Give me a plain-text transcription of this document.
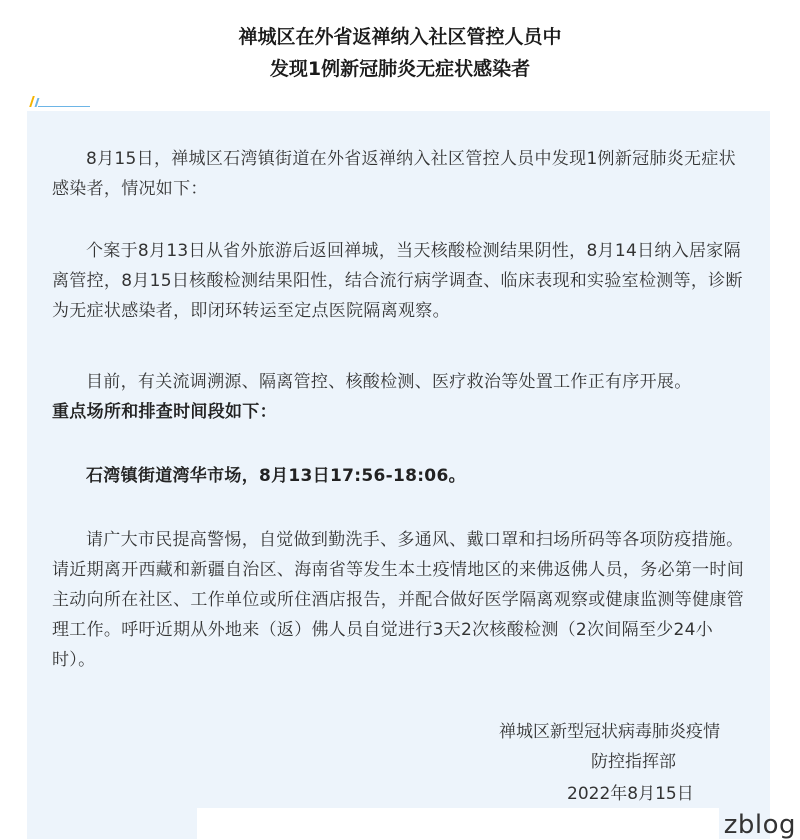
禅城区在外省返禅纳入社区管控人员中
发现1例新冠肺炎无症状感染者

8月15日，禅城区石湾镇街道在外省返禅纳入社区管控人员中发现1例新冠肺炎无症状感染者，情况如下：

个案于8月13日从省外旅游后返回禅城，当天核酸检测结果阴性，8月14日纳入居家隔离管控，8月15日核酸检测结果阳性，结合流行病学调查、临床表现和实验室检测等，诊断为无症状感染者，即闭环转运至定点医院隔离观察。

目前，有关流调溯源、隔离管控、核酸检测、医疗救治等处置工作正有序开展。

重点场所和排查时间段如下：

石湾镇街道湾华市场，8月13日17:56-18:06。

请广大市民提高警惕，自觉做到勤洗手、多通风、戴口罩和扫场所码等各项防疫措施。请近期离开西藏和新疆自治区、海南省等发生本土疫情地区的来佛返佛人员，务必第一时间主动向所在社区、工作单位或所住酒店报告，并配合做好医学隔离观察或健康监测等健康管理工作。呼吁近期从外地来（返）佛人员自觉进行3天2次核酸检测（2次间隔至少24小时）。

禅城区新型冠状病毒肺炎疫情
防控指挥部
2022年8月15日
zblog
